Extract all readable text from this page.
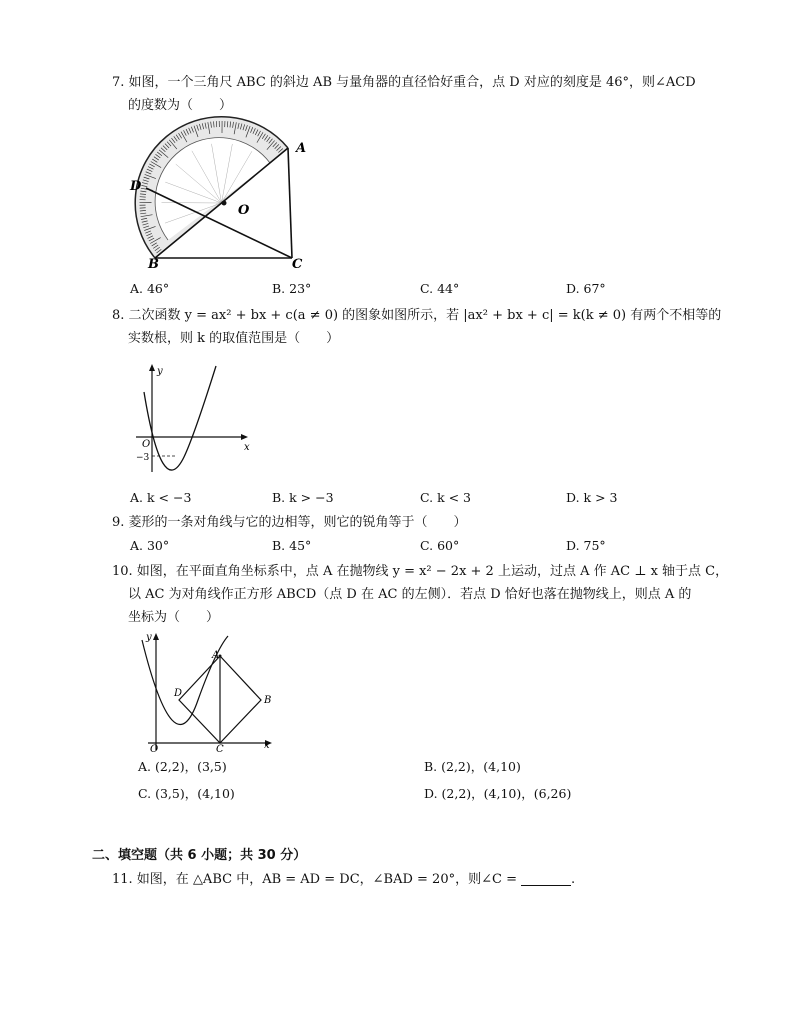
7. 如图，一个三角尺 ABC 的斜边 AB 与量角器的直径恰好重合，点 D 对应的刻度是 46°，则∠ACD
的度数为（　　）
A
B	C
D
O
A. 46°	B. 23°	C. 44°	D. 67°
8. 二次函数 y = ax² + bx + c(a ≠ 0) 的图象如图所示，若 |ax² + bx + c| = k(k ≠ 0) 有两个不相等的
实数根，则 k 的取值范围是（　　）
y
x
O
−3
A. k < −3	B. k > −3	C. k < 3	D. k > 3
9. 菱形的一条对角线与它的边相等，则它的锐角等于（　　）
A. 30°	B. 45°	C. 60°	D. 75°
10. 如图，在平面直角坐标系中，点 A 在抛物线 y = x² − 2x + 2 上运动，过点 A 作 AC ⊥ x 轴于点 C，
以 AC 为对角线作正方形 ABCD（点 D 在 AC 的左侧）．若点 D 恰好也落在抛物线上，则点 A 的
坐标为（　　）
y
x
O
A
B
C
D
A. (2,2)，(3,5)	B. (2,2)，(4,10)
C. (3,5)，(4,10)	D. (2,2)，(4,10)，(6,26)
二、填空题（共 6 小题；共 30 分）
11. 如图，在 △ABC 中，AB = AD = DC，∠BAD = 20°，则∠C =	.
